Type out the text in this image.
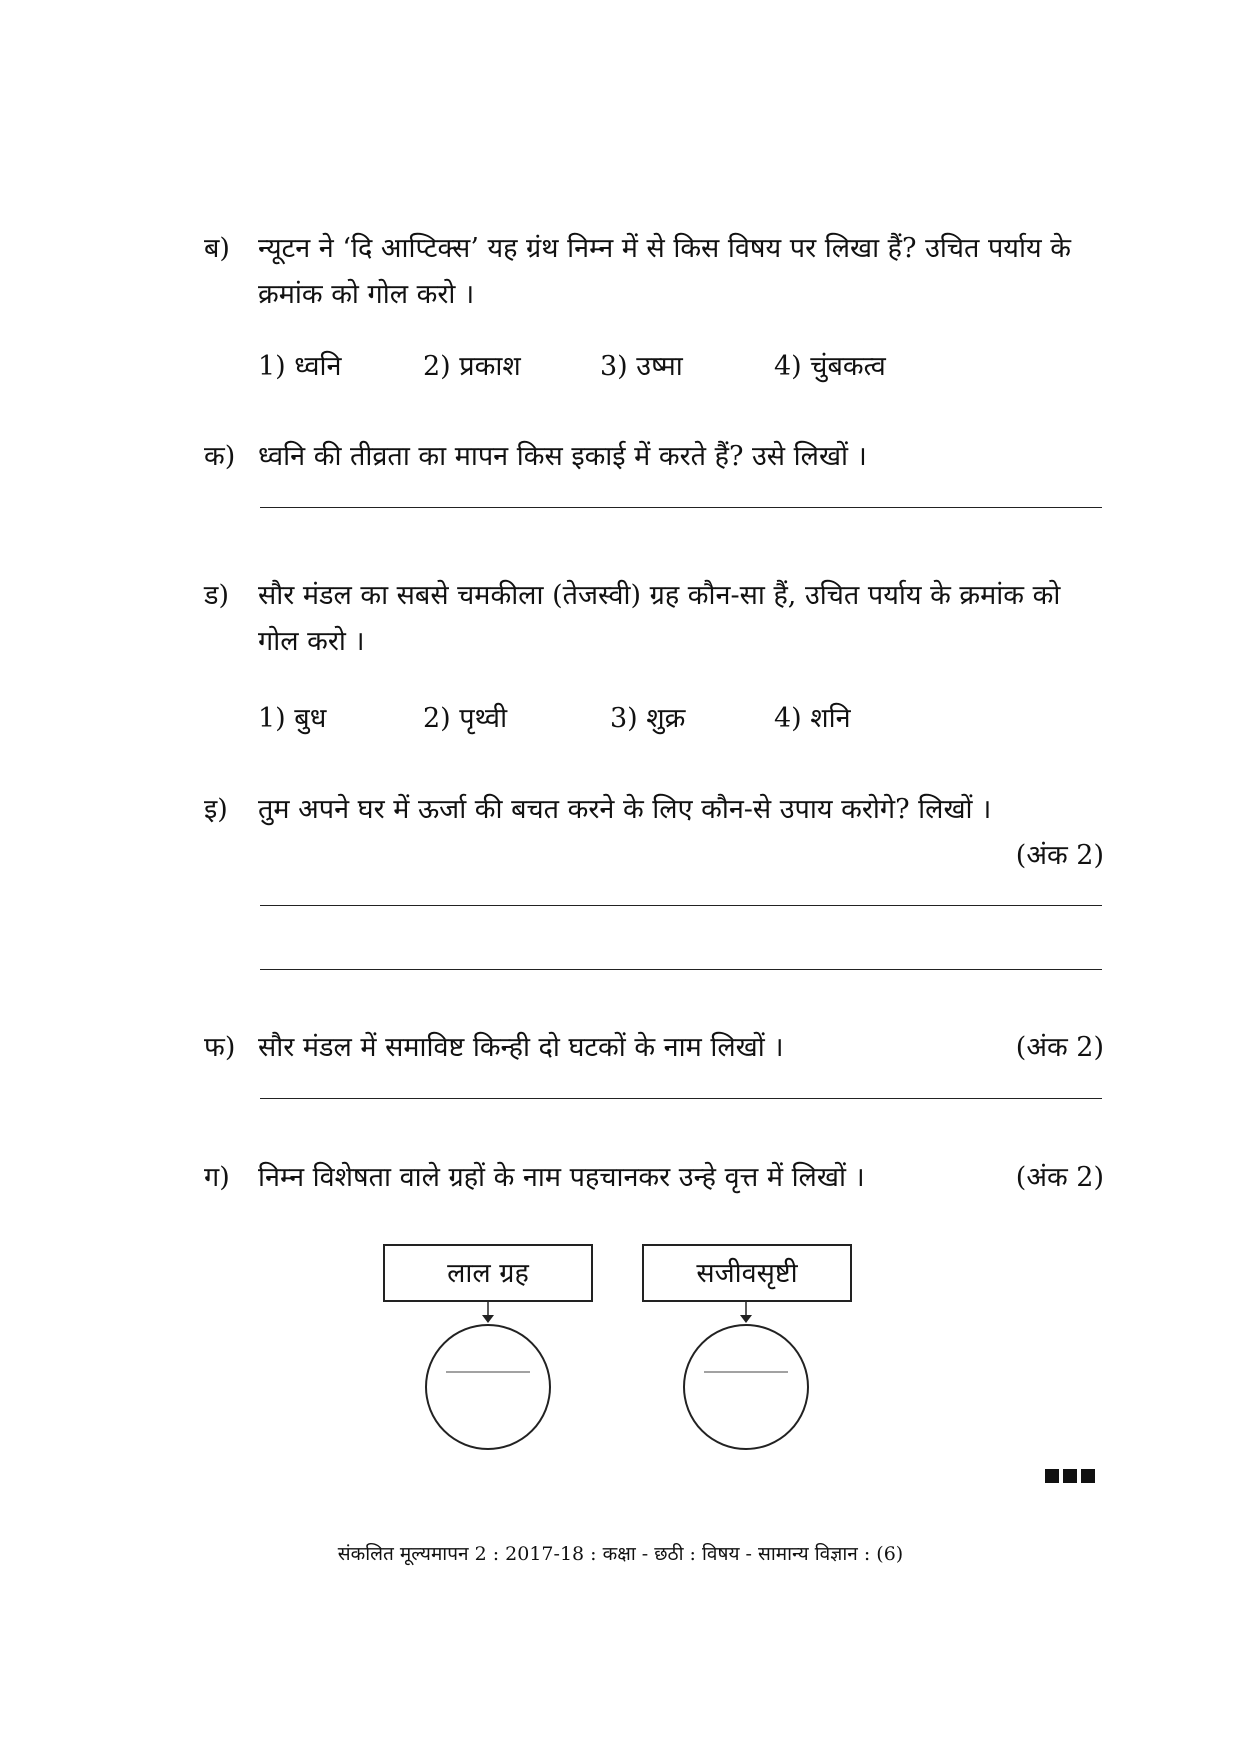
ब) न्यूटन ने ‘दि आप्टिक्स’ यह ग्रंथ निम्न में से किस विषय पर लिखा हैं? उचित पर्याय के क्रमांक को गोल करो ।
1) ध्वनि	2) प्रकाश	3) उष्मा	4) चुंबकत्व
क) ध्वनि की तीव्रता का मापन किस इकाई में करते हैं? उसे लिखों ।
ड) सौर मंडल का सबसे चमकीला (तेजस्वी) ग्रह कौन-सा हैं, उचित पर्याय के क्रमांक को गोल करो ।
1) बुध	2) पृथ्वी	3) शुक्र	4) शनि
इ) तुम अपने घर में ऊर्जा की बचत करने के लिए कौन-से उपाय करोगे? लिखों ।
(अंक 2)
फ) सौर मंडल में समाविष्ट किन्ही दो घटकों के नाम लिखों ।	(अंक 2)
ग) निम्न विशेषता वाले ग्रहों के नाम पहचानकर उन्हे वृत्त में लिखों ।	(अंक 2)
लाल ग्रह	सजीवसृष्टी
संकलित मूल्यमापन 2 : 2017-18 : कक्षा - छठी : विषय - सामान्य विज्ञान : (6)
